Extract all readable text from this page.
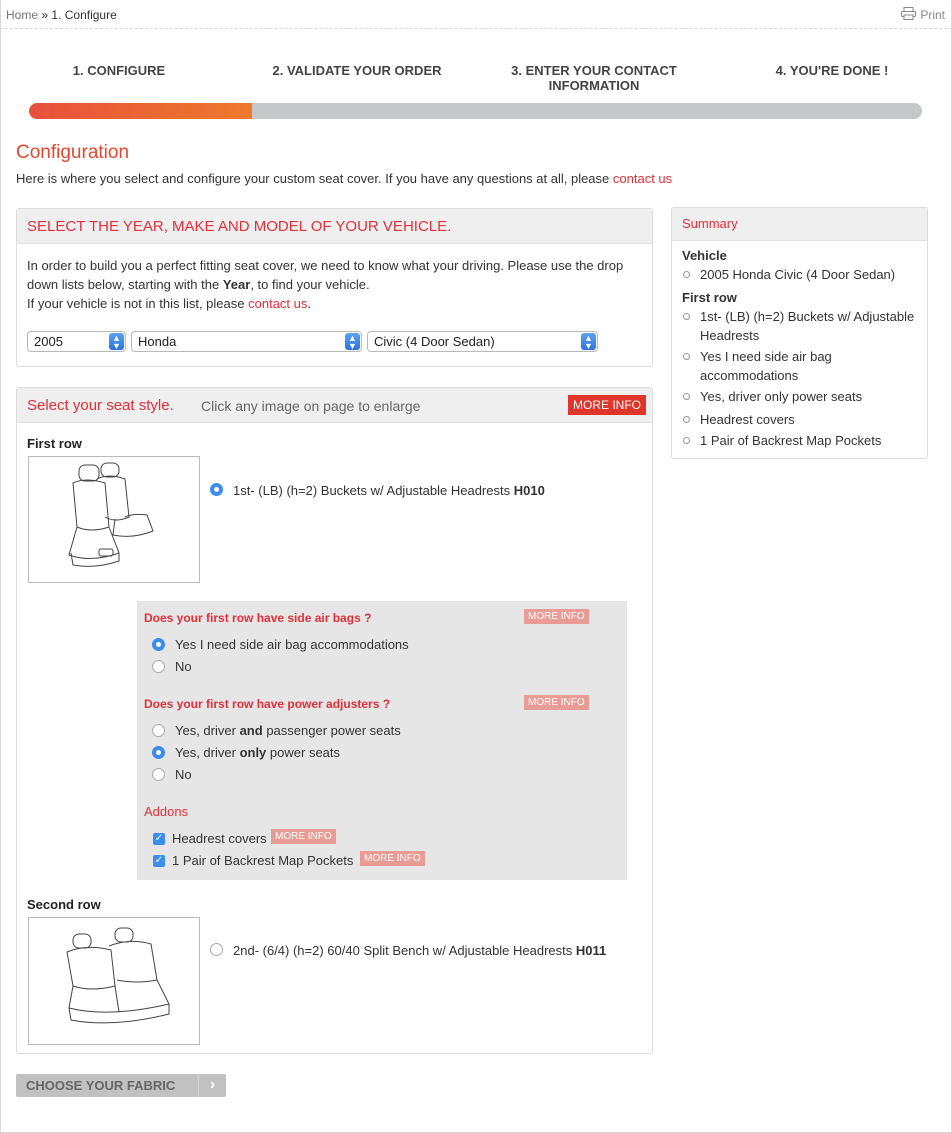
Home » 1. Configure	Print
1. CONFIGURE	2. VALIDATE YOUR ORDER	3. ENTER YOUR CONTACT
INFORMATION
4. YOU'RE DONE !
Configuration
Here is where you select and configure your custom seat cover. If you have any questions at all, please contact us
SELECT THE YEAR, MAKE AND MODEL OF YOUR VEHICLE.
In order to build you a perfect fitting seat cover, we need to know what your driving. Please use the drop down lists below, starting with the Year, to find your vehicle.
If your vehicle is not in this list, please contact us.
2005	▲
▼	Honda	▲
▼	Civic (4 Door Sedan)	▲
▼
Select your seat style. Click any image on page to enlarge	MORE INFO
First row
1st- (LB) (h=2) Buckets w/ Adjustable Headrests H010
Does your first row have side air bags ?	MORE INFO
Yes I need side air bag accommodations
No
Does your first row have power adjusters ?	MORE INFO
Yes, driver and passenger power seats
Yes, driver only power seats
No
Addons
✓ Headrest covers MORE INFO
✓ 1 Pair of Backrest Map Pockets	MORE INFO
Second row
2nd- (6/4) (h=2) 60/40 Split Bench w/ Adjustable Headrests H011
Summary
Vehicle
2005 Honda Civic (4 Door Sedan)
First row
1st- (LB) (h=2) Buckets w/ Adjustable Headrests
Yes I need side air bag accommodations
Yes, driver only power seats
Headrest covers
1 Pair of Backrest Map Pockets
CHOOSE YOUR FABRIC	›
